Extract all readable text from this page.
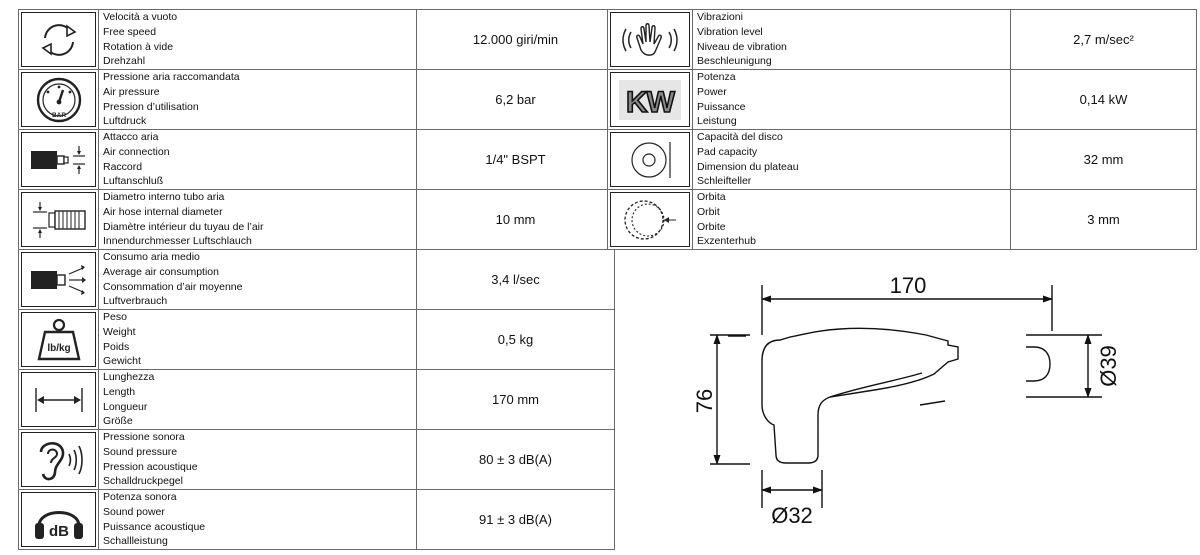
Velocità a vuoto
Free speed
Rotation à vide
Drehzahl	12.000 giri/min

BAR	Pressione aria raccomandata
Air pressure
Pression d’utilisation
Luftdruck	6,2 bar

Attacco aria
Air connection
Raccord
Luftanschluß	1/4" BSPT

Diametro interno tubo aria
Air hose internal diameter
Diamètre intérieur du tuyau de l’air
Innendurchmesser Luftschlauch	10 mm

Consumo aria medio
Average air consumption
Consommation d’air moyenne
Luftverbrauch	3,4 l/sec

lb/kg	Peso
Weight
Poids
Gewicht	0,5 kg

Lunghezza
Length
Longueur
Größe	170 mm

Pressione sonora
Sound pressure
Pression acoustique
Schalldruckpegel	80 ± 3 dB(A)

dB	Potenza sonora
Sound power
Puissance acoustique
Schallleistung	91 ± 3 dB(A)

Vibrazioni
Vibration level
Niveau de vibration
Beschleunigung	2,7 m/sec²

KW	Potenza
Power
Puissance
Leistung	0,14 kW

Capacità del disco
Pad capacity
Dimension du plateau
Schleifteller	32 mm

Orbita
Orbit
Orbite
Exzenterhub	3 mm
170
76
Ø39
Ø32
